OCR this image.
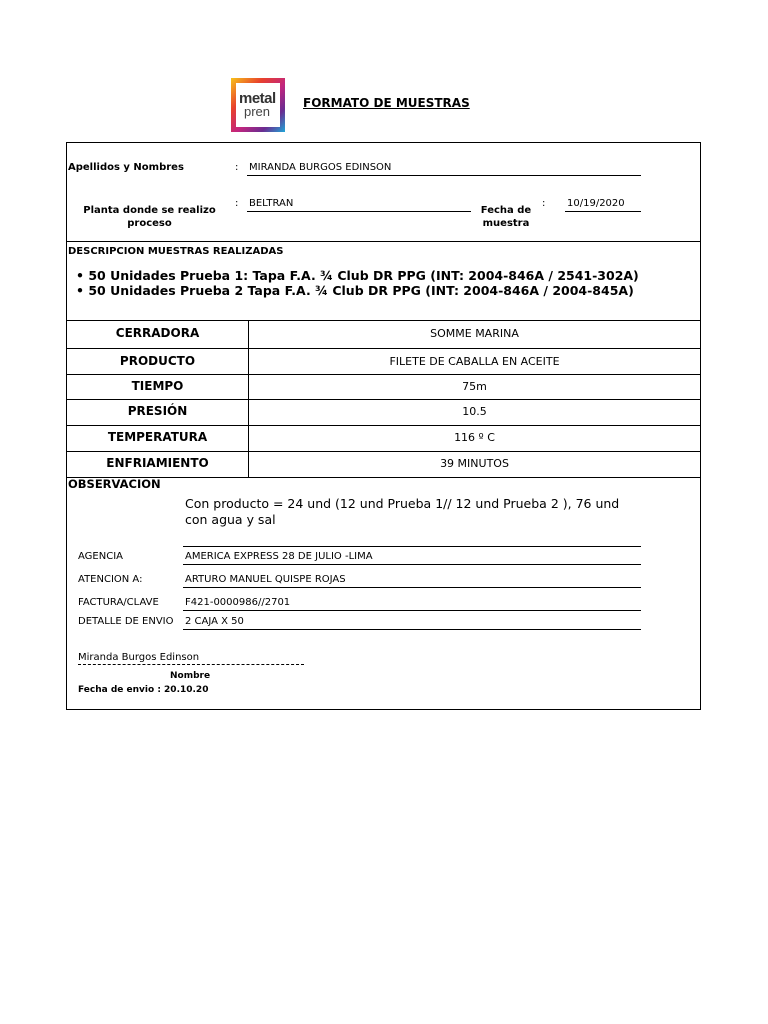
metal
pren
FORMATO DE MUESTRAS
Apellidos y Nombres	: MIRANDA BURGOS EDINSON
Planta donde se realizo
proceso
: BELTRAN
Fecha de
muestra
: 10/19/2020
DESCRIPCION MUESTRAS REALIZADAS
• 50 Unidades Prueba 1: Tapa F.A. ¾ Club DR PPG (INT: 2004-846A / 2541-302A)
• 50 Unidades Prueba 2 Tapa F.A. ¾ Club DR PPG (INT: 2004-846A / 2004-845A)
CERRADORA	SOMME MARINA
PRODUCTO	FILETE DE CABALLA EN ACEITE
TIEMPO	75m
PRESIÓN	10.5
TEMPERATURA	116 º C
ENFRIAMIENTO	39 MINUTOS
OBSERVACION
Con producto = 24 und (12 und Prueba 1// 12 und Prueba 2 ), 76 und
con agua y sal
AGENCIA	AMERICA EXPRESS 28 DE JULIO -LIMA
ATENCION A:	ARTURO MANUEL QUISPE ROJAS
FACTURA/CLAVE	F421-0000986//2701
DETALLE DE ENVIO 2 CAJA X 50
Miranda Burgos Edinson
Nombre
Fecha de envio : 20.10.20
